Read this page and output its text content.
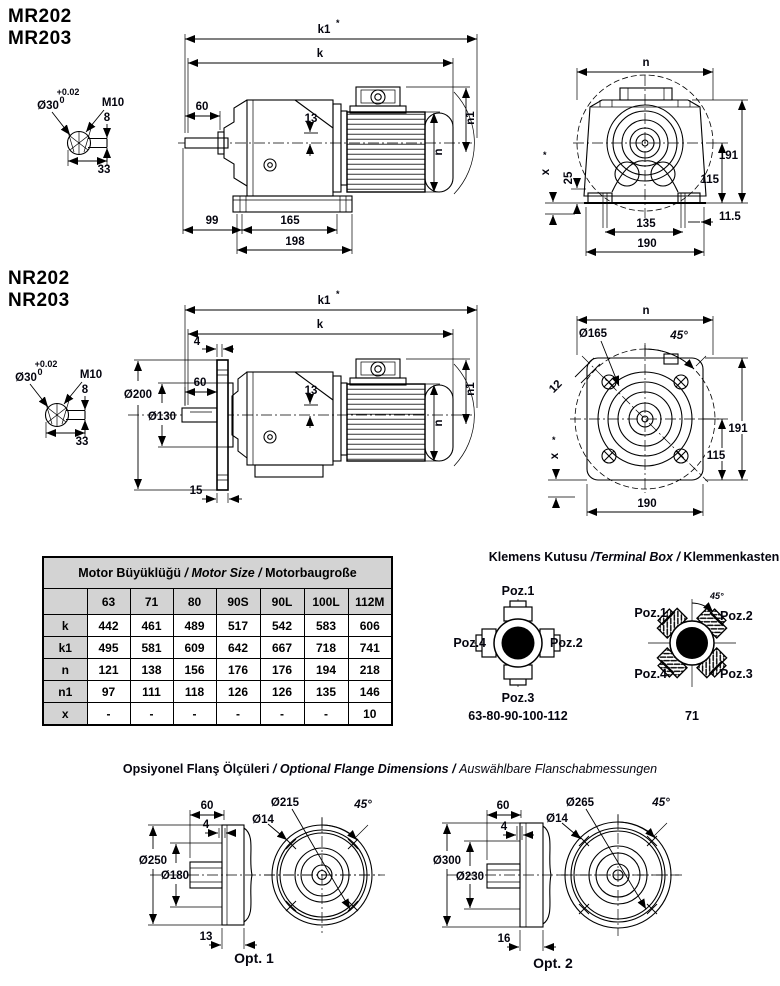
MR202
MR203
NR202
NR203
+0.02
0
Ø30	M10
8
33
k1
*
k
60
13
n
n1
99	165
198
n
191
115
25
x
*
11.5
135
190
+0.02
0
Ø30	M10
8
33
k1
*
k
4
Ø200
Ø130
60
13
n
n1
15
n
Ø165	45°
12
191
115
x
*
190
Motor Büyüklüğü / Motor Size / Motorbaugroße							
	63	71	80	90S	90L	100L	112M
k	442	461	489	517	542	583	606
k1	495	581	609	642	667	718	741
n	121	138	156	176	176	194	218
n1	97	111	118	126	126	135	146
x	-	-	-	-	-	-	10
Klemens Kutusu /Terminal Box / Klemmenkasten
Poz.1
Poz.2
Poz.3
Poz.4
63-80-90-100-112
45°
Poz.1	Poz.2
Poz.3
Poz.4
71
Opsiyonel Flanş Ölçüleri / Optional Flange Dimensions / Auswählbare Flanschabmessungen
60
4
Ø250
Ø180
13
Opt. 1
Ø215
Ø14
45°	60
4
Ø300
Ø230
16
Opt. 2
Ø265
Ø14
45°
